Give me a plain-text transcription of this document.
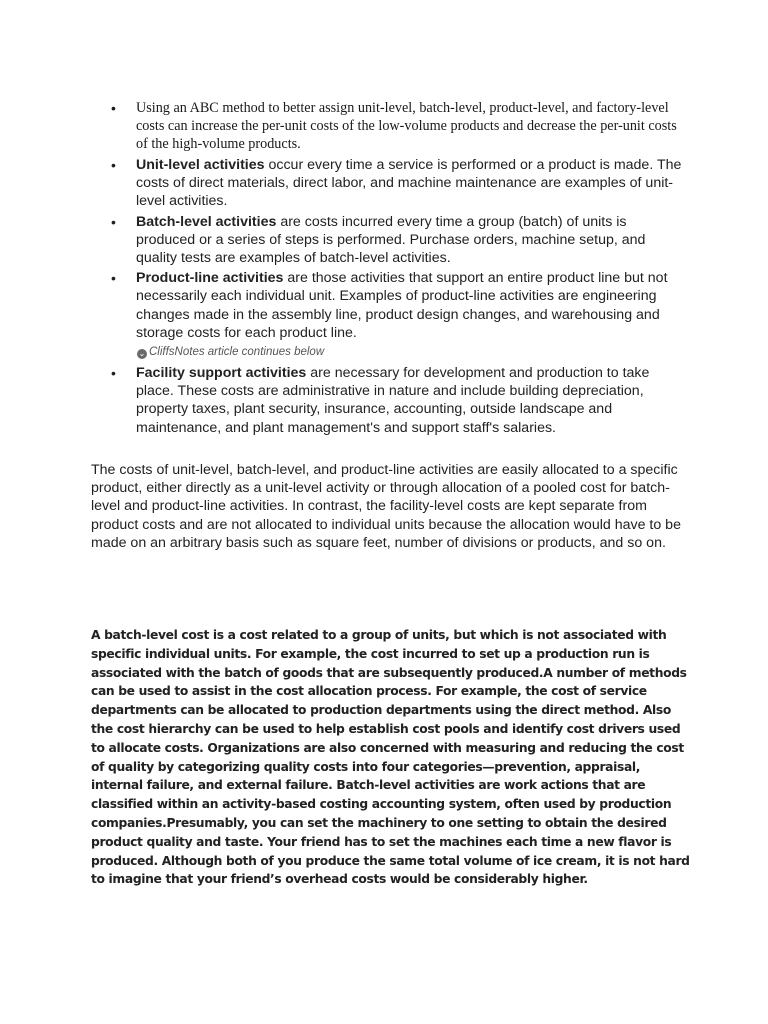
• Using an ABC method to better assign unit-level, batch-level, product-level, and factory-level costs can increase the per-unit costs of the low-volume products and decrease the per-unit costs of the high-volume products.
• Unit-level activities occur every time a service is performed or a product is made. The costs of direct materials, direct labor, and machine maintenance are examples of unit-level activities.
• Batch-level activities are costs incurred every time a group (batch) of units is produced or a series of steps is performed. Purchase orders, machine setup, and quality tests are examples of batch-level activities.
• Product-line activities are those activities that support an entire product line but not necessarily each individual unit. Examples of product-line activities are engineering changes made in the assembly line, product design changes, and warehousing and storage costs for each product line.
⌄ CliffsNotes article continues below
• Facility support activities are necessary for development and production to take place. These costs are administrative in nature and include building depreciation, property taxes, plant security, insurance, accounting, outside landscape and maintenance, and plant management's and support staff's salaries.

The costs of unit-level, batch-level, and product-line activities are easily allocated to a specific product, either directly as a unit-level activity or through allocation of a pooled cost for batch-level and product-line activities. In contrast, the facility-level costs are kept separate from product costs and are not allocated to individual units because the allocation would have to be made on an arbitrary basis such as square feet, number of divisions or products, and so on.

A batch-level cost is a cost related to a group of units, but which is not associated with specific individual units. For example, the cost incurred to set up a production run is associated with the batch of goods that are subsequently produced.A number of methods can be used to assist in the cost allocation process. For example, the cost of service departments can be allocated to production departments using the direct method. Also the cost hierarchy can be used to help establish cost pools and identify cost drivers used to allocate costs. Organizations are also concerned with measuring and reducing the cost of quality by categorizing quality costs into four categories—prevention, appraisal, internal failure, and external failure. Batch-level activities are work actions that are classified within an activity-based costing accounting system, often used by production companies.Presumably, you can set the machinery to one setting to obtain the desired product quality and taste. Your friend has to set the machines each time a new flavor is produced. Although both of you produce the same total volume of ice cream, it is not hard to imagine that your friend’s overhead costs would be considerably higher.
